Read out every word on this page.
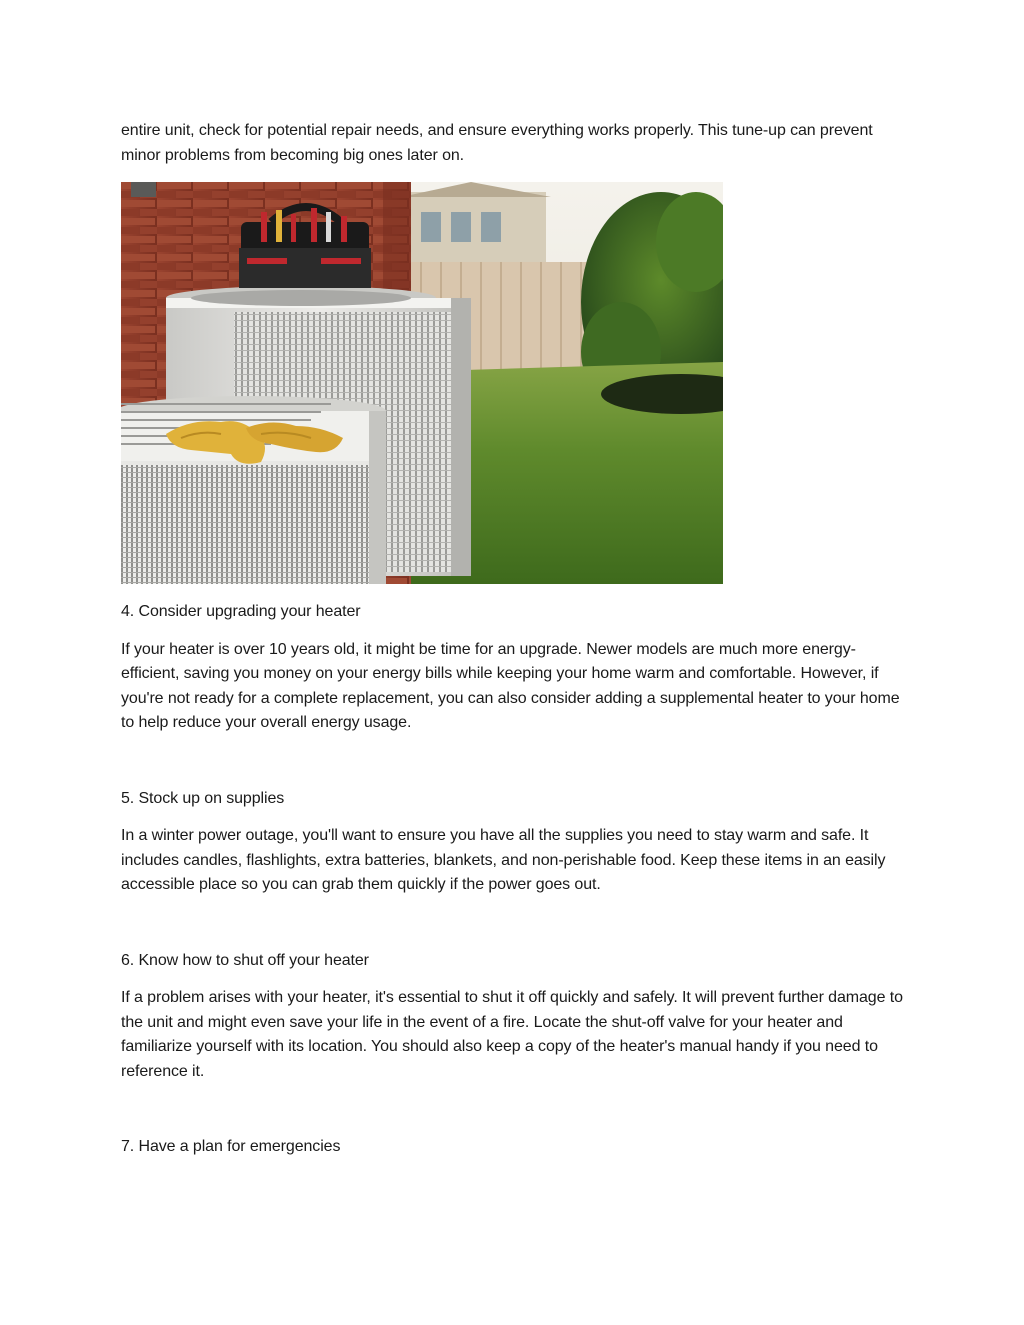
entire unit, check for potential repair needs, and ensure everything works properly. This tune-up can prevent minor problems from becoming big ones later on.

4. Consider upgrading your heater

If your heater is over 10 years old, it might be time for an upgrade. Newer models are much more energy-efficient, saving you money on your energy bills while keeping your home warm and comfortable. However, if you're not ready for a complete replacement, you can also consider adding a supplemental heater to your home to help reduce your overall energy usage.

5. Stock up on supplies

In a winter power outage, you'll want to ensure you have all the supplies you need to stay warm and safe. It includes candles, flashlights, extra batteries, blankets, and non-perishable food. Keep these items in an easily accessible place so you can grab them quickly if the power goes out.

6. Know how to shut off your heater

If a problem arises with your heater, it's essential to shut it off quickly and safely. It will prevent further damage to the unit and might even save your life in the event of a fire. Locate the shut-off valve for your heater and familiarize yourself with its location. You should also keep a copy of the heater's manual handy if you need to reference it.

7. Have a plan for emergencies
